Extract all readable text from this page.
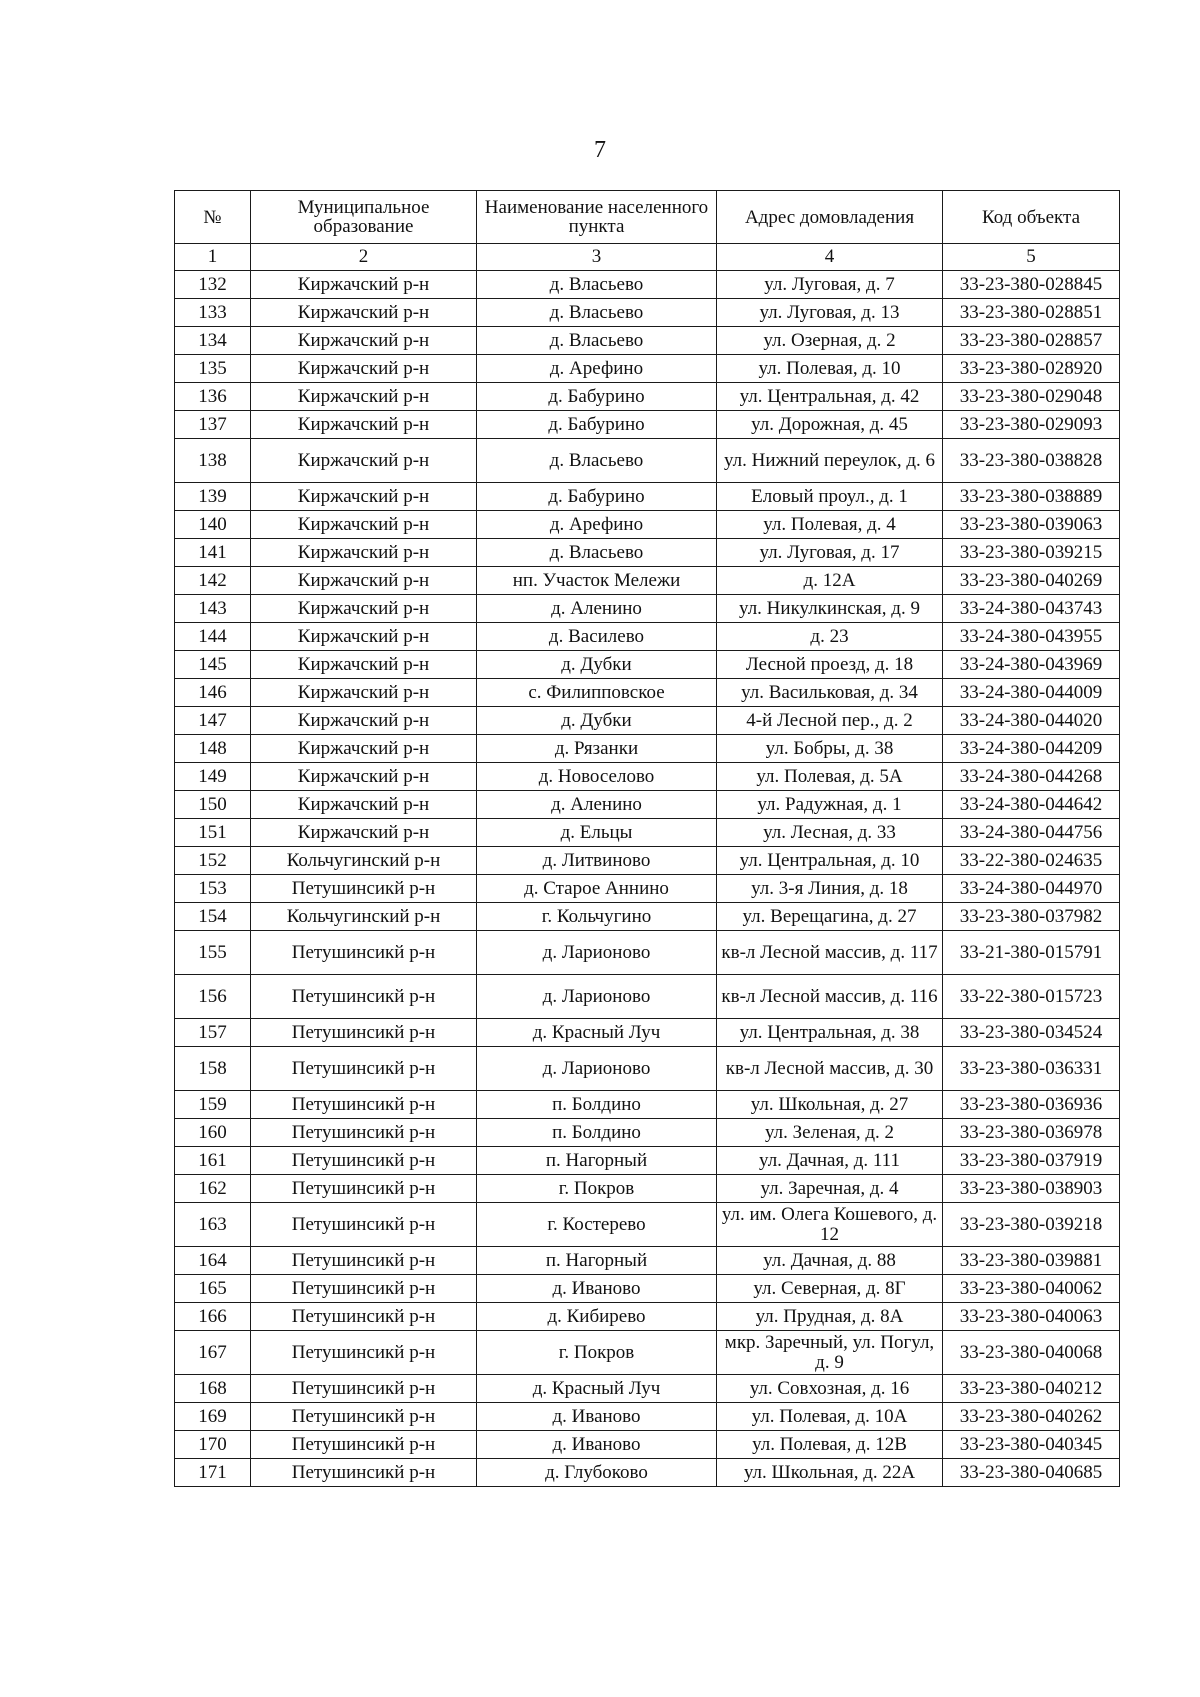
7
№	Муниципальное образование	Наименование населенного пункта	Адрес домовладения	Код объекта
1	2	3	4	5
132	Киржачский р-н	д. Власьево	ул. Луговая, д. 7	33-23-380-028845
133	Киржачский р-н	д. Власьево	ул. Луговая, д. 13	33-23-380-028851
134	Киржачский р-н	д. Власьево	ул. Озерная, д. 2	33-23-380-028857
135	Киржачский р-н	д. Арефино	ул. Полевая, д. 10	33-23-380-028920
136	Киржачский р-н	д. Бабурино	ул. Центральная, д. 42	33-23-380-029048
137	Киржачский р-н	д. Бабурино	ул. Дорожная, д. 45	33-23-380-029093
138	Киржачский р-н	д. Власьево	ул. Нижний переулок, д. 6	33-23-380-038828
139	Киржачский р-н	д. Бабурино	Еловый проул., д. 1	33-23-380-038889
140	Киржачский р-н	д. Арефино	ул. Полевая, д. 4	33-23-380-039063
141	Киржачский р-н	д. Власьево	ул. Луговая, д. 17	33-23-380-039215
142	Киржачский р-н	нп. Участок Мележи	д. 12А	33-23-380-040269
143	Киржачский р-н	д. Аленино	ул. Никулкинская, д. 9	33-24-380-043743
144	Киржачский р-н	д. Василево	д. 23	33-24-380-043955
145	Киржачский р-н	д. Дубки	Лесной проезд, д. 18	33-24-380-043969
146	Киржачский р-н	с. Филипповское	ул. Васильковая, д. 34	33-24-380-044009
147	Киржачский р-н	д. Дубки	4-й Лесной пер., д. 2	33-24-380-044020
148	Киржачский р-н	д. Рязанки	ул. Бобры, д. 38	33-24-380-044209
149	Киржачский р-н	д. Новоселово	ул. Полевая, д. 5А	33-24-380-044268
150	Киржачский р-н	д. Аленино	ул. Радужная, д. 1	33-24-380-044642
151	Киржачский р-н	д. Ельцы	ул. Лесная, д. 33	33-24-380-044756
152	Кольчугинский р-н	д. Литвиново	ул. Центральная, д. 10	33-22-380-024635
153	Петушинсикй р-н	д. Старое Аннино	ул. 3-я Линия, д. 18	33-24-380-044970
154	Кольчугинский р-н	г. Кольчугино	ул. Верещагина, д. 27	33-23-380-037982
155	Петушинсикй р-н	д. Ларионово	кв-л Лесной массив, д. 117	33-21-380-015791
156	Петушинсикй р-н	д. Ларионово	кв-л Лесной массив, д. 116	33-22-380-015723
157	Петушинсикй р-н	д. Красный Луч	ул. Центральная, д. 38	33-23-380-034524
158	Петушинсикй р-н	д. Ларионово	кв-л Лесной массив, д. 30	33-23-380-036331
159	Петушинсикй р-н	п. Болдино	ул. Школьная, д. 27	33-23-380-036936
160	Петушинсикй р-н	п. Болдино	ул. Зеленая, д. 2	33-23-380-036978
161	Петушинсикй р-н	п. Нагорный	ул. Дачная, д. 111	33-23-380-037919
162	Петушинсикй р-н	г. Покров	ул. Заречная, д. 4	33-23-380-038903
163	Петушинсикй р-н	г. Костерево	ул. им. Олега Кошевого, д. 12	33-23-380-039218
164	Петушинсикй р-н	п. Нагорный	ул. Дачная, д. 88	33-23-380-039881
165	Петушинсикй р-н	д. Иваново	ул. Северная, д. 8Г	33-23-380-040062
166	Петушинсикй р-н	д. Кибирево	ул. Прудная, д. 8А	33-23-380-040063
167	Петушинсикй р-н	г. Покров	мкр. Заречный, ул. Погул, д. 9	33-23-380-040068
168	Петушинсикй р-н	д. Красный Луч	ул. Совхозная, д. 16	33-23-380-040212
169	Петушинсикй р-н	д. Иваново	ул. Полевая, д. 10А	33-23-380-040262
170	Петушинсикй р-н	д. Иваново	ул. Полевая, д. 12В	33-23-380-040345
171	Петушинсикй р-н	д. Глубоково	ул. Школьная, д. 22А	33-23-380-040685
